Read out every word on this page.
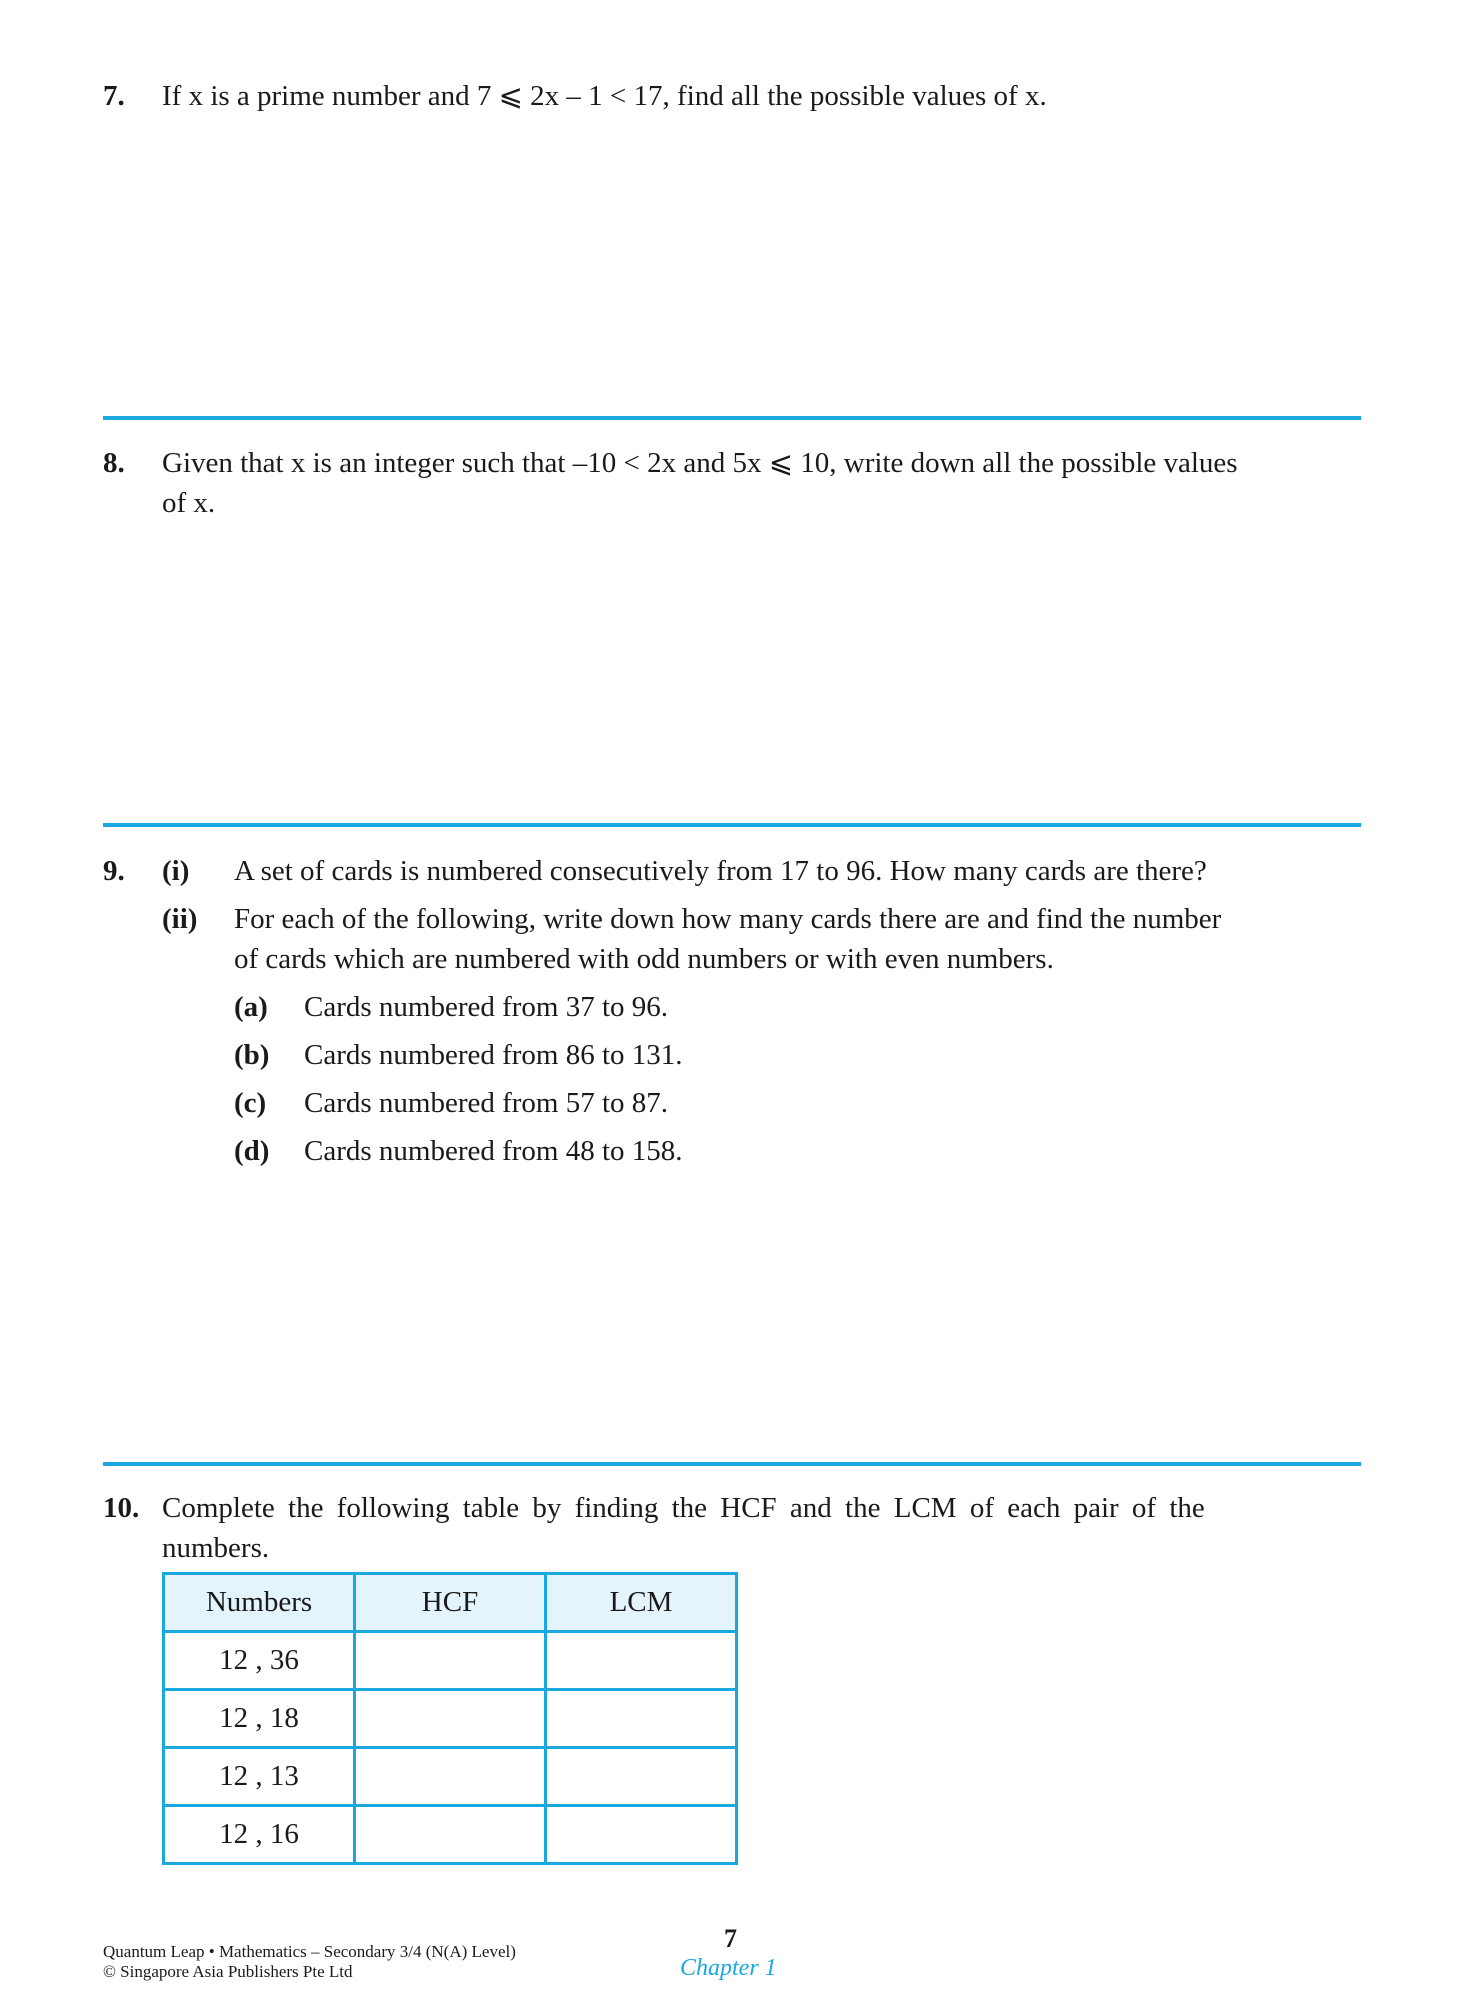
7. If x is a prime number and 7 ⩽ 2x – 1 < 17, find all the possible values of x.
8. Given that x is an integer such that –10 < 2x and 5x ⩽ 10, write down all the possible values
of x.
9. (i) A set of cards is numbered consecutively from 17 to 96. How many cards are there?
(ii) For each of the following, write down how many cards there are and find the number
of cards which are numbered with odd numbers or with even numbers.
(a) Cards numbered from 37 to 96.
(b) Cards numbered from 86 to 131.
(c) Cards numbered from 57 to 87.
(d) Cards numbered from 48 to 158.
10. Complete the following table by finding the HCF and the LCM of each pair of the
numbers.
Numbers	HCF	LCM
12 , 36		
12 , 18		
12 , 13		
12 , 16		
Quantum Leap • Mathematics – Secondary 3/4 (N(A) Level)
© Singapore Asia Publishers Pte Ltd
7
Chapter 1
